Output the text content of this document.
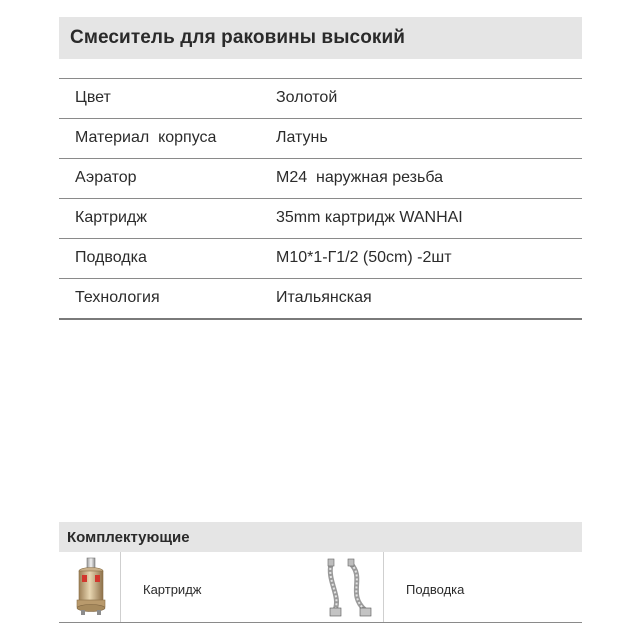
Смеситель для раковины высокий
Цвет	Золотой
Материал  корпуса	Латунь
Аэратор	M24  наружная резьба
Картридж	35mm картридж WANHAI
Подводка	M10*1-Г1/2 (50cm) -2шт
Технология	Итальянская
Комплектующие
Картридж	Подводка
